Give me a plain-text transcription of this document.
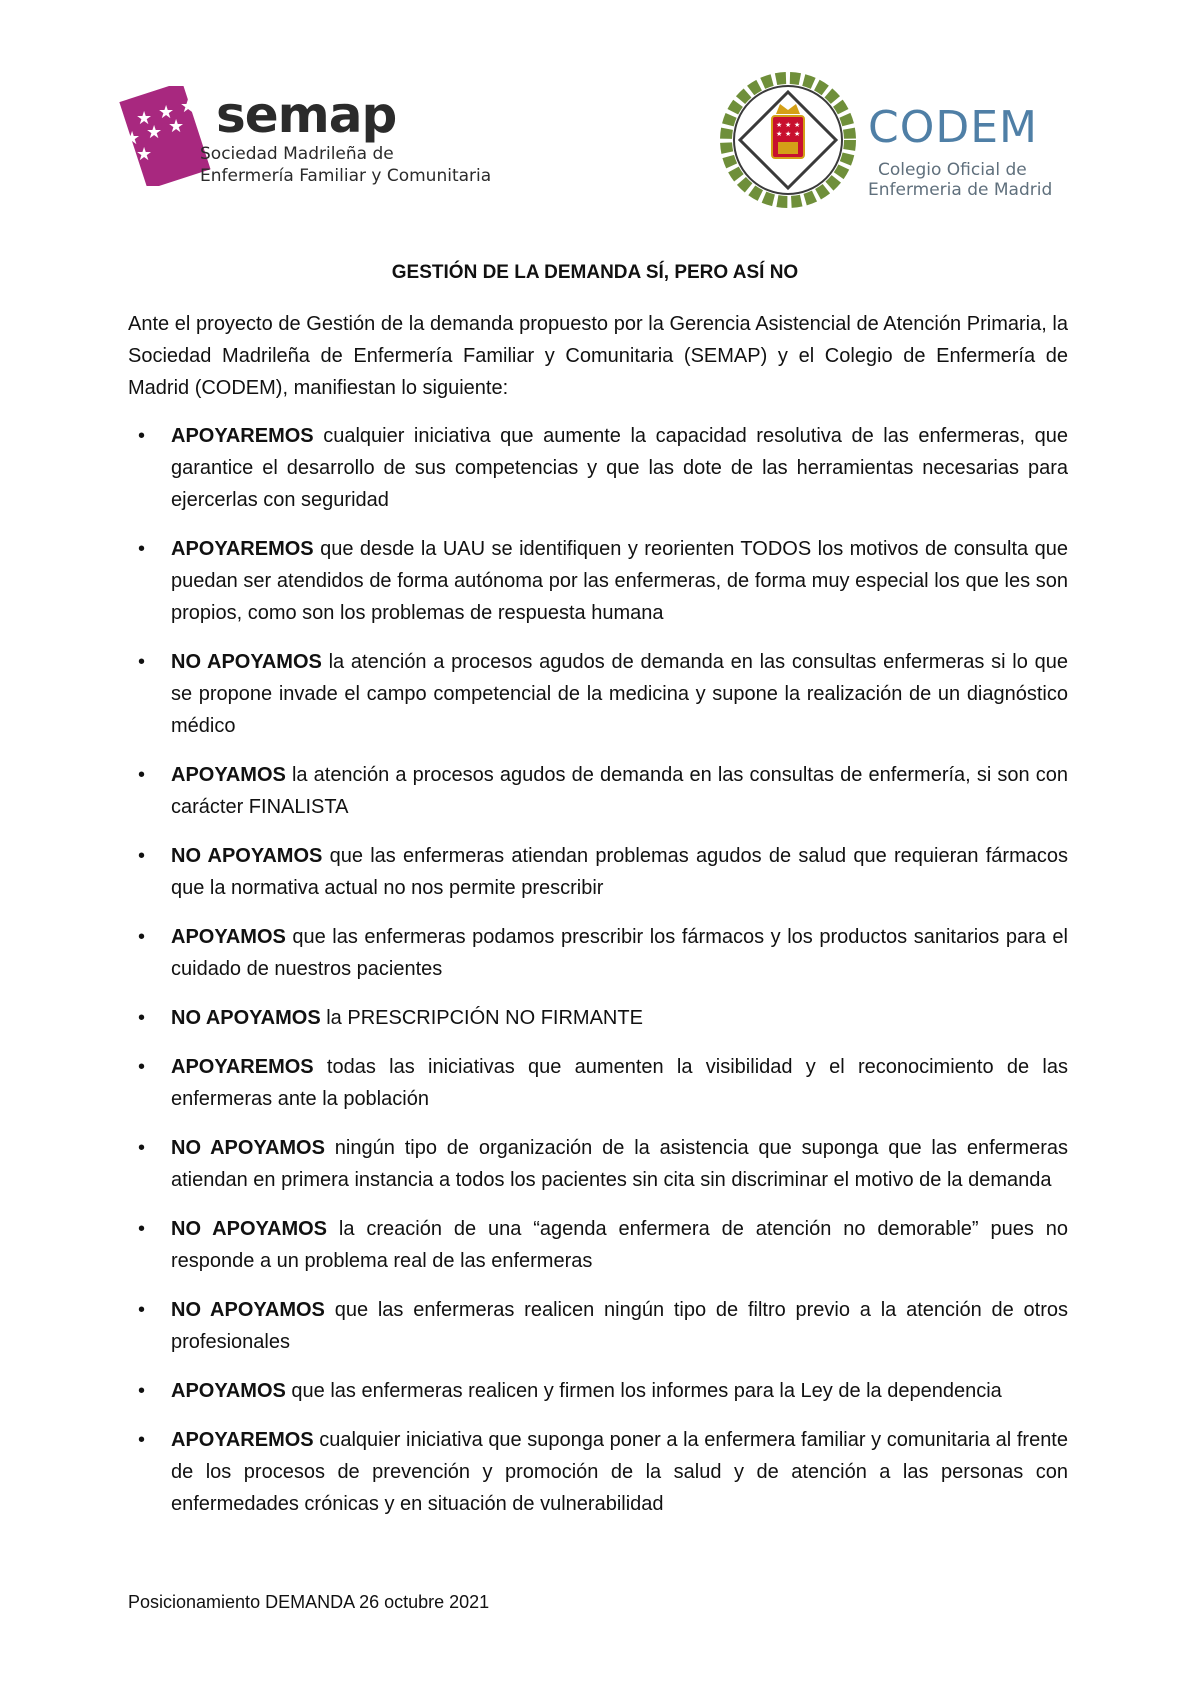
★ ★ ★
★ ★ ★
★
semap
Sociedad Madrileña de
Enfermería Familiar y Comunitaria
★ ★ ★
★ ★ ★ CODEM
Colegio Oficial de
Enfermeria de Madrid
GESTIÓN DE LA DEMANDA SÍ, PERO ASÍ NO

Ante el proyecto de Gestión de la demanda propuesto por la Gerencia Asistencial de Atención Primaria, la Sociedad Madrileña de Enfermería Familiar y Comunitaria (SEMAP) y el Colegio de Enfermería de Madrid (CODEM), manifiestan lo siguiente:

• APOYAREMOS cualquier iniciativa que aumente la capacidad resolutiva de las enfermeras, que garantice el desarrollo de sus competencias y que las dote de las herramientas necesarias para ejercerlas con seguridad
• APOYAREMOS que desde la UAU se identifiquen y reorienten TODOS los motivos de consulta que puedan ser atendidos de forma autónoma por las enfermeras, de forma muy especial los que les son propios, como son los problemas de respuesta humana
• NO APOYAMOS la atención a procesos agudos de demanda en las consultas enfermeras si lo que se propone invade el campo competencial de la medicina y supone la realización de un diagnóstico médico
• APOYAMOS la atención a procesos agudos de demanda en las consultas de enfermería, si son con carácter FINALISTA
• NO APOYAMOS que las enfermeras atiendan problemas agudos de salud que requieran fármacos que la normativa actual no nos permite prescribir
• APOYAMOS que las enfermeras podamos prescribir los fármacos y los productos sanitarios para el cuidado de nuestros pacientes
• NO APOYAMOS la PRESCRIPCIÓN NO FIRMANTE
• APOYAREMOS todas las iniciativas que aumenten la visibilidad y el reconocimiento de las enfermeras ante la población
• NO APOYAMOS ningún tipo de organización de la asistencia que suponga que las enfermeras atiendan en primera instancia a todos los pacientes sin cita sin discriminar el motivo de la demanda
• NO APOYAMOS la creación de una “agenda enfermera de atención no demorable” pues no responde a un problema real de las enfermeras
• NO APOYAMOS que las enfermeras realicen ningún tipo de filtro previo a la atención de otros profesionales
• APOYAMOS que las enfermeras realicen y firmen los informes para la Ley de la dependencia
• APOYAREMOS cualquier iniciativa que suponga poner a la enfermera familiar y comunitaria al frente de los procesos de prevención y promoción de la salud y de atención a las personas con enfermedades crónicas y en situación de vulnerabilidad

Posicionamiento DEMANDA 26 octubre 2021
